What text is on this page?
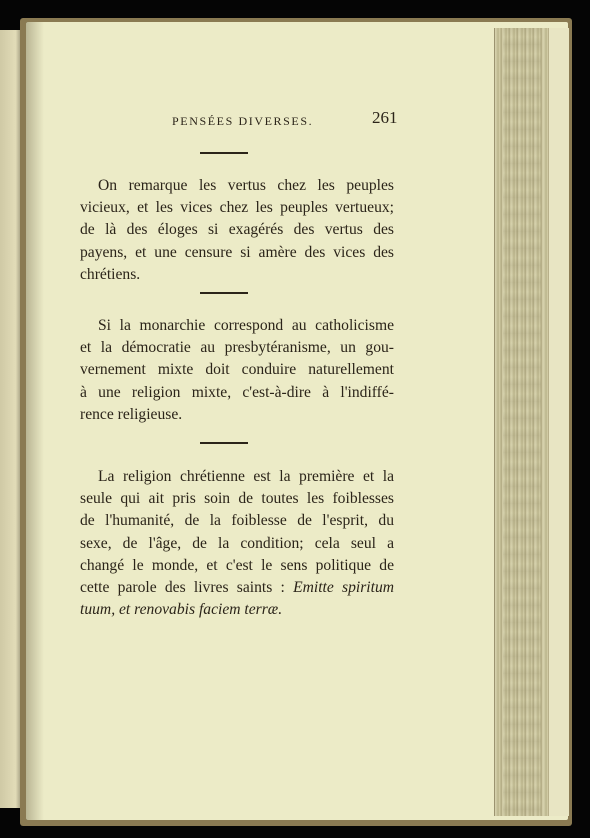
PENSÉES DIVERSES.	261
On remarque les vertus chez les peuples
vicieux, et les vices chez les peuples vertueux;
de là des éloges si exagérés des vertus des
payens, et une censure si amère des vices des
chrétiens.
Si la monarchie correspond au catholicisme
et la démocratie au presbytéranisme, un gou-
vernement mixte doit conduire naturellement
à une religion mixte, c'est-à-dire à l'indiffé-
rence religieuse.
La religion chrétienne est la première et la
seule qui ait pris soin de toutes les foiblesses
de l'humanité, de la foiblesse de l'esprit, du
sexe, de l'âge, de la condition; cela seul a
changé le monde, et c'est le sens politique de
cette parole des livres saints : Emitte spiritum
tuum, et renovabis faciem terræ.
